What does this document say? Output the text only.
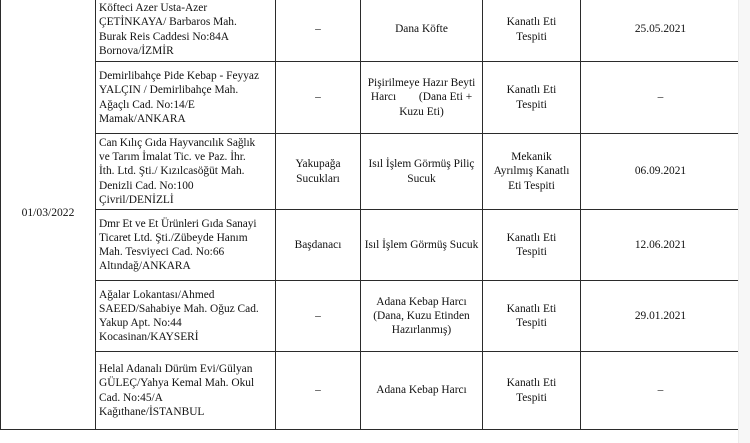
01/03/2022	Köfteci Azer Usta-Azer
ÇETİNKAYA/ Barbaros Mah.
Burak Reis Caddesi No:84A
Bornova/İZMİR	–	Dana Köfte	Kanatlı Eti
Tespiti	25.05.2021

	Demirlibahçe Pide Kebap - Feyyaz
YALÇIN / Demirlibahçe Mah.
Ağaçlı Cad. No:14/E
Mamak/ANKARA	–	Pişirilmeye Hazır Beyti
Harcı        (Dana Eti +
Kuzu Eti)	Kanatlı Eti
Tespiti	–

	Can Kılıç Gıda Hayvancılık Sağlık
ve Tarım İmalat Tic. ve Paz. İhr.
İth. Ltd. Şti./ Kızılcasöğüt Mah.
Denizli Cad. No:100
Çivril/DENİZLİ	Yakupağa
Sucukları	Isıl İşlem Görmüş Piliç
Sucuk	Mekanik
Ayrılmış Kanatlı
Eti Tespiti	06.09.2021

	Dmr Et ve Et Ürünleri Gıda Sanayi
Ticaret Ltd. Şti./Zübeyde Hanım
Mah. Tesviyeci Cad. No:66
Altındağ/ANKARA	Başdanacı	Isıl İşlem Görmüş Sucuk	Kanatlı Eti
Tespiti	12.06.2021

	Ağalar Lokantası/Ahmed
SAEED/Sahabiye Mah. Oğuz Cad.
Yakup Apt. No:44
Kocasinan/KAYSERİ	–	Adana Kebap Harcı
(Dana, Kuzu Etinden
Hazırlanmış)	Kanatlı Eti
Tespiti	29.01.2021

	Helal Adanalı Dürüm Evi/Gülyan
GÜLEÇ/Yahya Kemal Mah. Okul
Cad. No:45/A
Kağıthane/İSTANBUL	–	Adana Kebap Harcı	Kanatlı Eti
Tespiti	–
